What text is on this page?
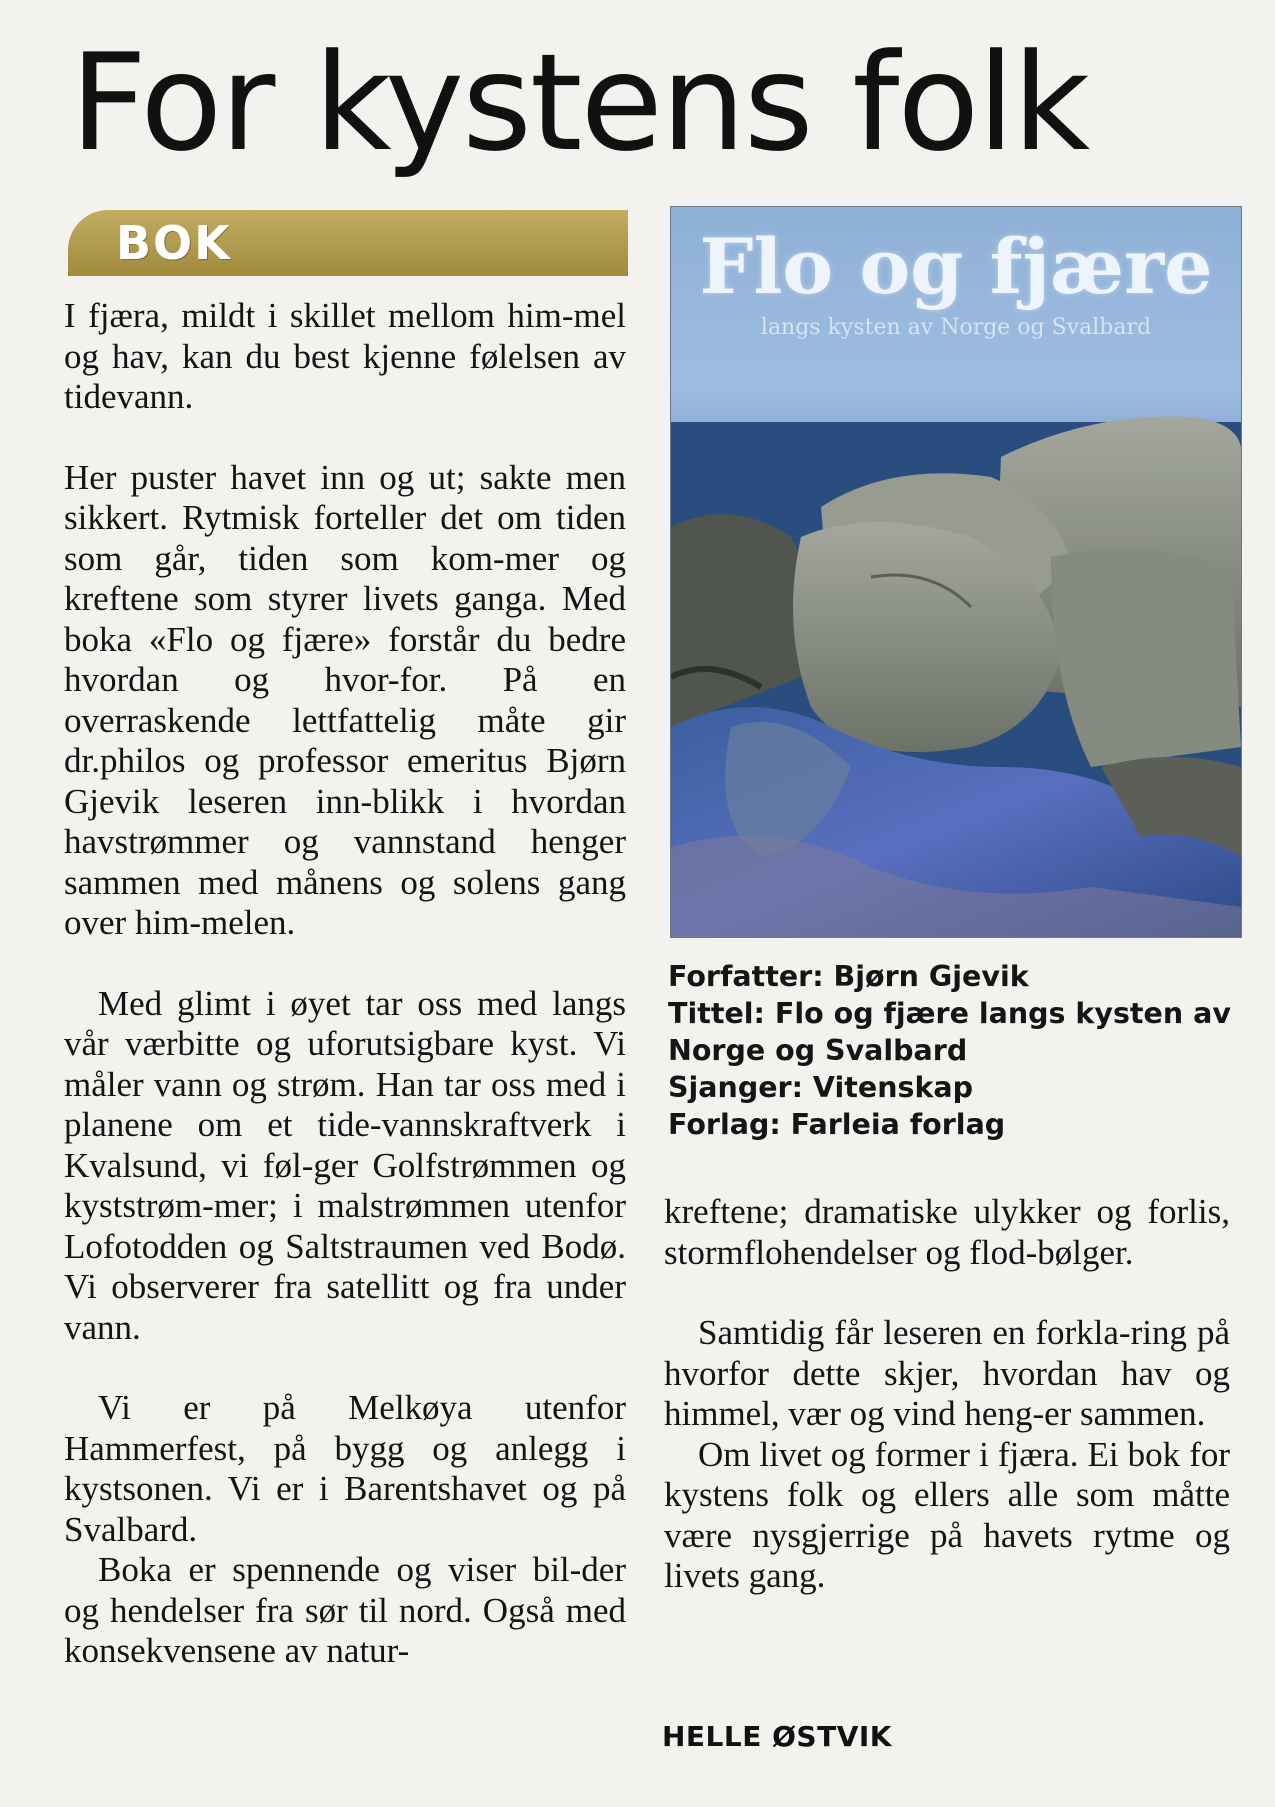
For kystens folk
BOK

I fjæra, mildt i skillet mellom him-mel og hav, kan du best kjenne følelsen av tidevann.

Her puster havet inn og ut; sakte men sikkert. Rytmisk forteller det om tiden som går, tiden som kom-mer og kreftene som styrer livets ganga. Med boka «Flo og fjære» forstår du bedre hvordan og hvor-for. På en overraskende lettfattelig måte gir dr.philos og professor emeritus Bjørn Gjevik leseren inn-blikk i hvordan havstrømmer og vannstand henger sammen med månens og solens gang over him-melen.

Med glimt i øyet tar oss med langs vår værbitte og uforutsigbare kyst. Vi måler vann og strøm. Han tar oss med i planene om et tide-vannskraftverk i Kvalsund, vi føl-ger Golfstrømmen og kyststrøm-mer; i malstrømmen utenfor Lofotodden og Saltstraumen ved Bodø. Vi observerer fra satellitt og fra under vann.

Vi er på Melkøya utenfor Hammerfest, på bygg og anlegg i kystsonen. Vi er i Barentshavet og på Svalbard.

Boka er spennende og viser bil-der og hendelser fra sør til nord. Også med konsekvensene av natur-

Flo og fjære
langs kysten av Norge og Svalbard
Forfatter: Bjørn Gjevik
Tittel: Flo og fjære langs kysten av
Norge og Svalbard
Sjanger: Vitenskap
Forlag: Farleia forlag

kreftene; dramatiske ulykker og forlis, stormflohendelser og flod-bølger.

Samtidig får leseren en forkla-ring på hvorfor dette skjer, hvordan hav og himmel, vær og vind heng-er sammen.

Om livet og former i fjæra. Ei bok for kystens folk og ellers alle som måtte være nysgjerrige på havets rytme og livets gang.

HELLE ØSTVIK
